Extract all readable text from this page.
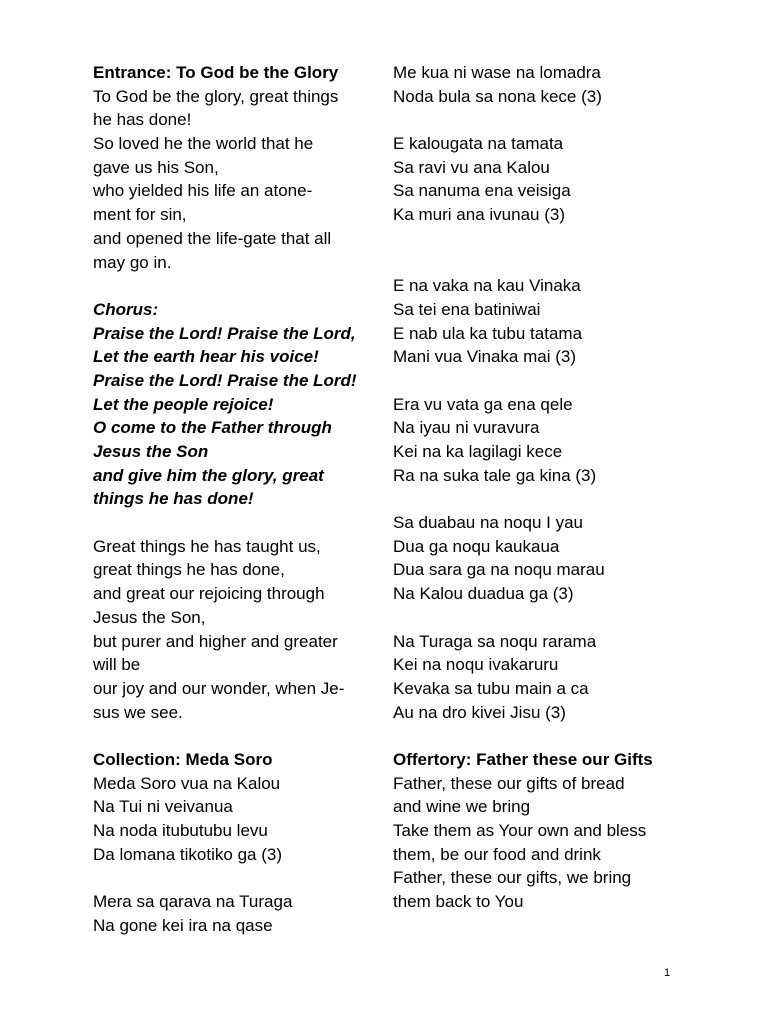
Entrance: To God be the Glory
To God be the glory, great things
he has done!
So loved he the world that he
gave us his Son,
who yielded his life an atone-
ment for sin,
and opened the life-gate that all
may go in.
Chorus:
Praise the Lord! Praise the Lord,
Let the earth hear his voice!
Praise the Lord! Praise the Lord!
Let the people rejoice!
O come to the Father through
Jesus the Son
and give him the glory, great
things he has done!
Great things he has taught us,
great things he has done,
and great our rejoicing through
Jesus the Son,
but purer and higher and greater
will be
our joy and our wonder, when Je-
sus we see.
Collection: Meda Soro
Meda Soro vua na Kalou
Na Tui ni veivanua
Na noda itubutubu levu
Da lomana tikotiko ga (3)
Mera sa qarava na Turaga
Na gone kei ira na qase
Me kua ni wase na lomadra
Noda bula sa nona kece (3)
E kalougata na tamata
Sa ravi vu ana Kalou
Sa nanuma ena veisiga
Ka muri ana ivunau (3)
E na vaka na kau Vinaka
Sa tei ena batiniwai
E nab ula ka tubu tatama
Mani vua Vinaka mai (3)
Era vu vata ga ena qele
Na iyau ni vuravura
Kei na ka lagilagi kece
Ra na suka tale ga kina (3)
Sa duabau na noqu I yau
Dua ga noqu kaukaua
Dua sara ga na noqu marau
Na Kalou duadua ga (3)
Na Turaga sa noqu rarama
Kei na noqu ivakaruru
Kevaka sa tubu main a ca
Au na dro kivei Jisu (3)
Offertory: Father these our Gifts
Father, these our gifts of bread
and wine we bring
Take them as Your own and bless
them, be our food and drink
Father, these our gifts, we bring
them back to You
1
